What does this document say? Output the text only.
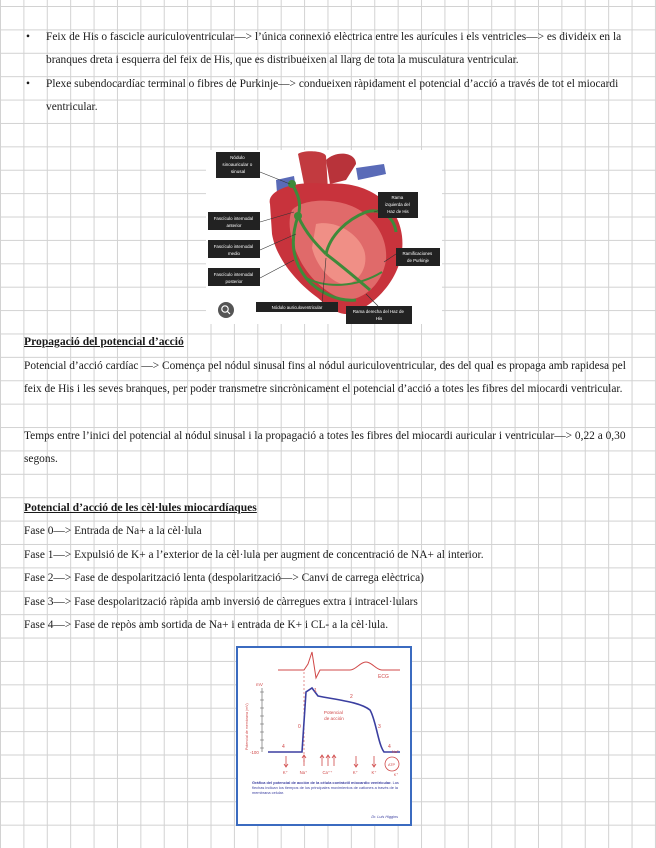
• Feix de His o fascicle auriculoventricular—> l’única connexió elèctrica entre les aurícules i els ventricles—> es divideix en la branques dreta i esquerra del feix de His, que es distribueixen al llarg de tota la musculatura ventricular.
• Plexe subendocardíac terminal o fibres de Purkinje—> condueixen ràpidament el potencial d’acció a través de tot el miocardi ventricular.
Nódulo sinoauricular o sinusal
Fascículo internodal anterior
Fascículo internodal medio
Fascículo internodal posterior
Nódulo auriculoventricular
Rama izquierda del Haz de His
Ramificaciones de Purkinje
Rama derecha del Haz de His
Propagació del potencial d’acció
Potencial d’acció cardíac —> Comença pel nódul sinusal fins al nódul auriculoventricular, des del qual es propaga amb rapidesa pel feix de His i les seves branques, per poder transmetre sincrònicament el potencial d’acció a totes les fibres del miocardi ventricular.
Temps entre l’inici del potencial al nódul sinusal i la propagació a totes les fibres del miocardi auricular i ventricular—> 0,22 a 0,30 segons.
Potencial d’acció de les cèl·lules miocardíaques
Fase 0—> Entrada de Na+ a la cèl·lula
Fase 1—> Expulsió de K+ a l’exterior de la cèl·lula per augment de concentració de NA+ al interior.
Fase 2—> Fase de despolarització lenta (despolarització—> Canvi de carrega elèctrica)
Fase 3—> Fase despolarització ràpida amb inversió de càrregues extra i intracel·lulars
Fase 4—> Fase de repòs amb sortida de Na+ i entrada de K+ i CL- a la cèl·lula.
ECG
mV
-100
Potencial de membrana (mV)	Potencial de acción
0
1
2
3
4	4
K⁺	Na⁺	Ca⁺⁺	K⁺	K⁺
Na⁺ ATP K⁺
Gráfica del potencial de acción de la célula contráctil miocardio ventricular. Las flechas indican los tiempos de los principales movimientos de cationes a través de la membrana celular.
Dr. Luis Higgins
